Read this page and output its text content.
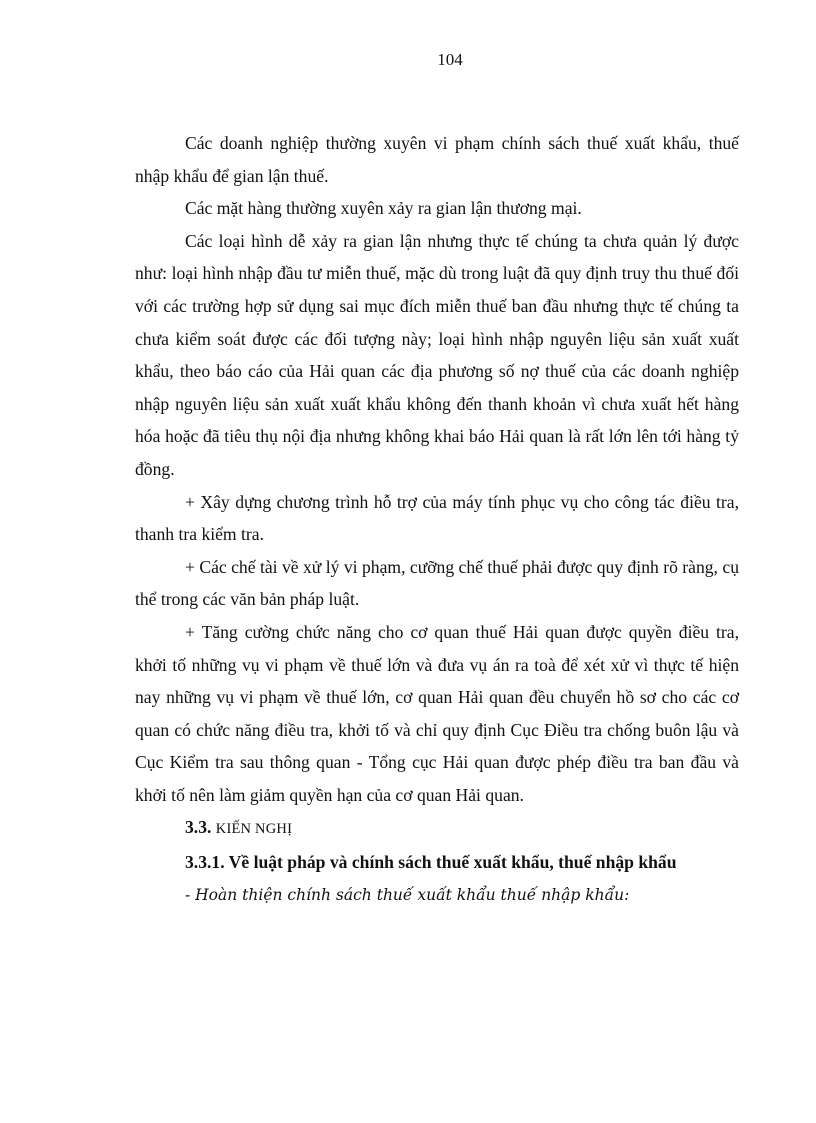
104

Các doanh nghiệp thường xuyên vi phạm chính sách thuế xuất khẩu, thuế nhập khẩu để gian lận thuế.

Các mặt hàng thường xuyên xảy ra gian lận thương mại.

Các loại hình dễ xảy ra gian lận nhưng thực tế chúng ta chưa quản lý được như: loại hình nhập đầu tư miễn thuế, mặc dù trong luật đã quy định truy thu thuế đối với các trường hợp sử dụng sai mục đích miễn thuế ban đầu nhưng thực tế chúng ta chưa kiểm soát được các đối tượng này; loại hình nhập nguyên liệu sản xuất xuất khẩu, theo báo cáo của Hải quan các địa phương số nợ thuế của các doanh nghiệp nhập nguyên liệu sản xuất xuất khẩu không đến thanh khoản vì chưa xuất hết hàng hóa hoặc đã tiêu thụ nội địa nhưng không khai báo Hải quan là rất lớn lên tới hàng tỷ đồng.

+ Xây dựng chương trình hỗ trợ của máy tính phục vụ cho công tác điều tra, thanh tra kiểm tra.

+ Các chế tài về xử lý vi phạm, cưỡng chế thuế phải được quy định rõ ràng, cụ thể trong các văn bản pháp luật.

+ Tăng cường chức năng cho cơ quan thuế Hải quan được quyền điều tra, khởi tố những vụ vi phạm về thuế lớn và đưa vụ án ra toà để xét xử vì thực tế hiện nay những vụ vi phạm về thuế lớn, cơ quan Hải quan đều chuyển hồ sơ cho các cơ quan có chức năng điều tra, khởi tố và chỉ quy định Cục Điều tra chống buôn lậu và Cục Kiểm tra sau thông quan - Tổng cục Hải quan được phép điều tra ban đầu và khởi tố nên làm giảm quyền hạn của cơ quan Hải quan.

3.3. KIẾN NGHỊ

3.3.1. Về luật pháp và chính sách thuế xuất khẩu, thuế nhập khẩu

- Hoàn thiện chính sách thuế xuất khẩu thuế nhập khẩu:
